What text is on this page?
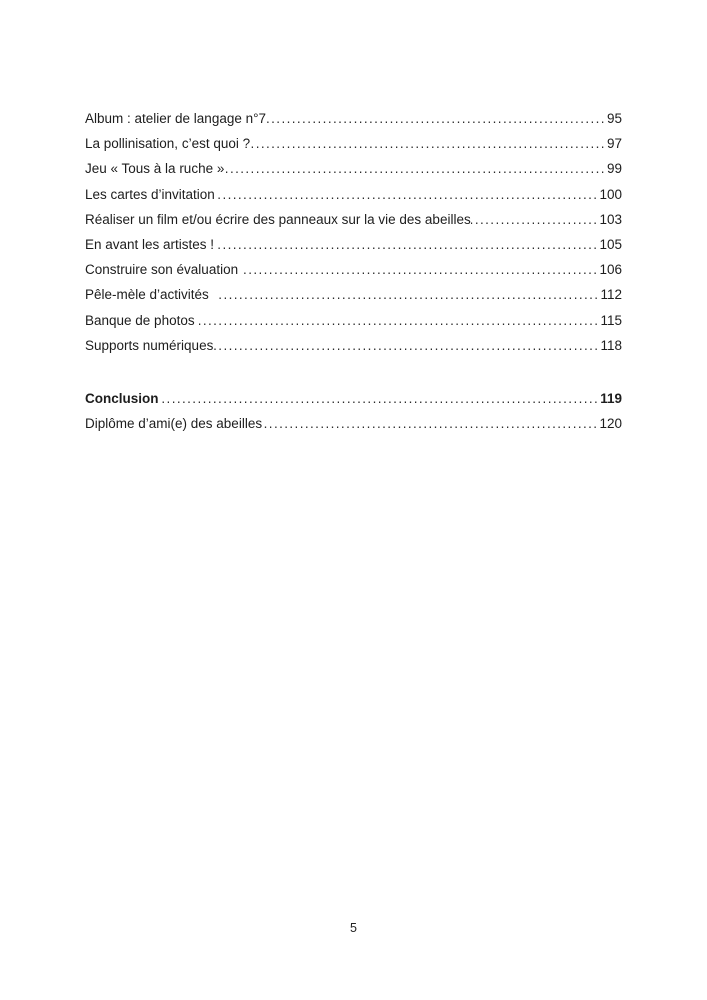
Album : atelier de langage n°7 .....	95
La pollinisation, c’est quoi ? .....	97
Jeu « Tous à la ruche » .....	99
Les cartes d’invitation .....	100
Réaliser un film et/ou écrire des panneaux sur la vie des abeilles .....	103
En avant les artistes ! .....	105
Construire son évaluation .....	106
Pêle-mèle d’activités .....	112
Banque de photos .....	115
Supports numériques .....	118
Conclusion .....	119
Diplôme d’ami(e) des abeilles .....	120
5
